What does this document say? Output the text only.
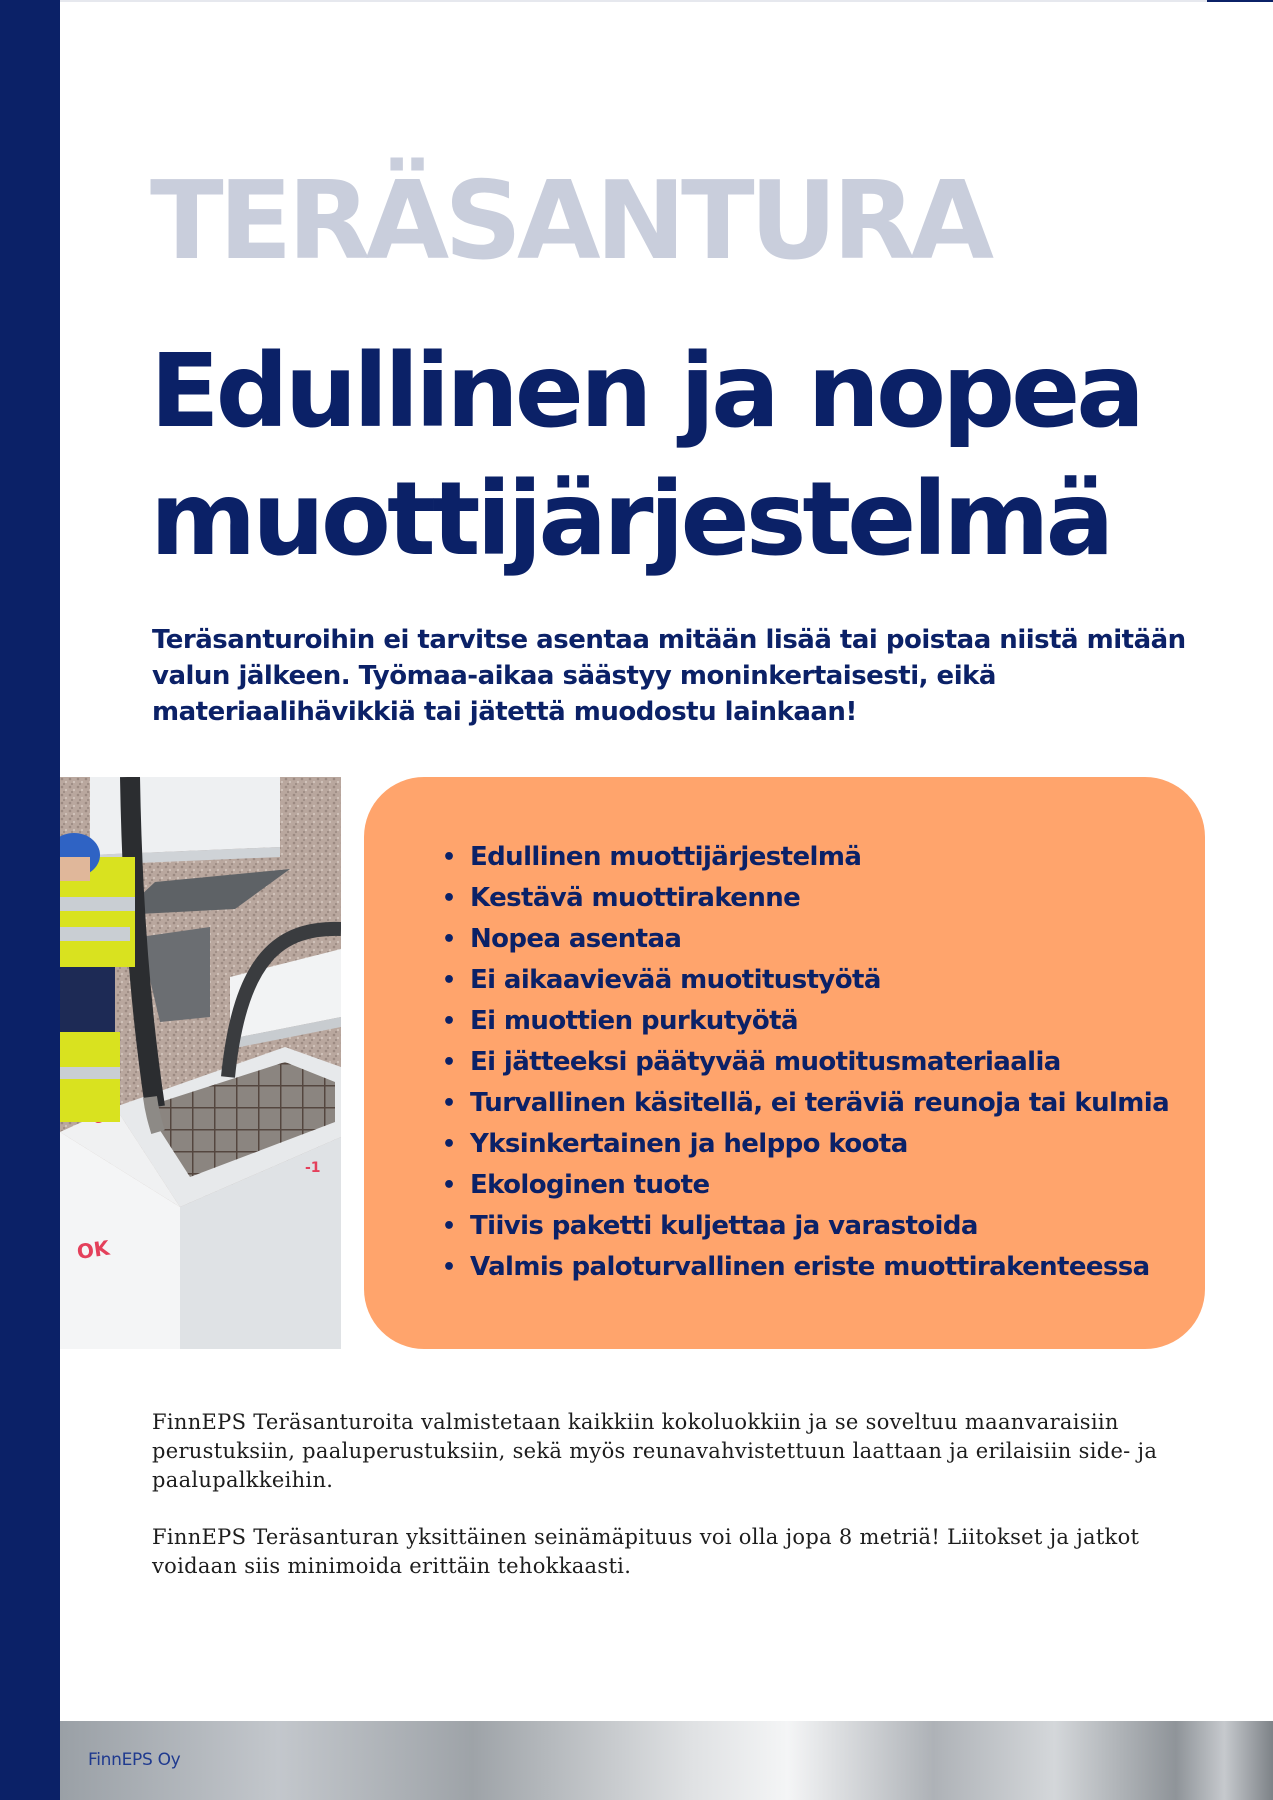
TERÄSANTURA
Edullinen ja nopea muottijärjestelmä

Teräsanturoihin ei tarvitse asentaa mitään lisää tai poistaa niistä mitään valun jälkeen. Työmaa-aikaa säästyy moninkertaisesti, eikä materiaalihävikkiä tai jätettä muodostu lainkaan!

OK
-1
• Edullinen muottijärjestelmä
• Kestävä muottirakenne
• Nopea asentaa
• Ei aikaavievää muotitustyötä
• Ei muottien purkutyötä
• Ei jätteeksi päätyvää muotitusmateriaalia
• Turvallinen käsitellä, ei teräviä reunoja tai kulmia
• Yksinkertainen ja helppo koota
• Ekologinen tuote
• Tiivis paketti kuljettaa ja varastoida
• Valmis paloturvallinen eriste muottirakenteessa

FinnEPS Teräsanturoita valmistetaan kaikkiin kokoluokkiin ja se soveltuu maanvaraisiin perustuksiin, paaluperustuksiin, sekä myös reunavahvistettuun laattaan ja erilaisiin side- ja paalupalkkeihin.

FinnEPS Teräsanturan yksittäinen seinämäpituus voi olla jopa 8 metriä! Liitokset ja jatkot voidaan siis minimoida erittäin tehokkaasti.

FinnEPS Oy
